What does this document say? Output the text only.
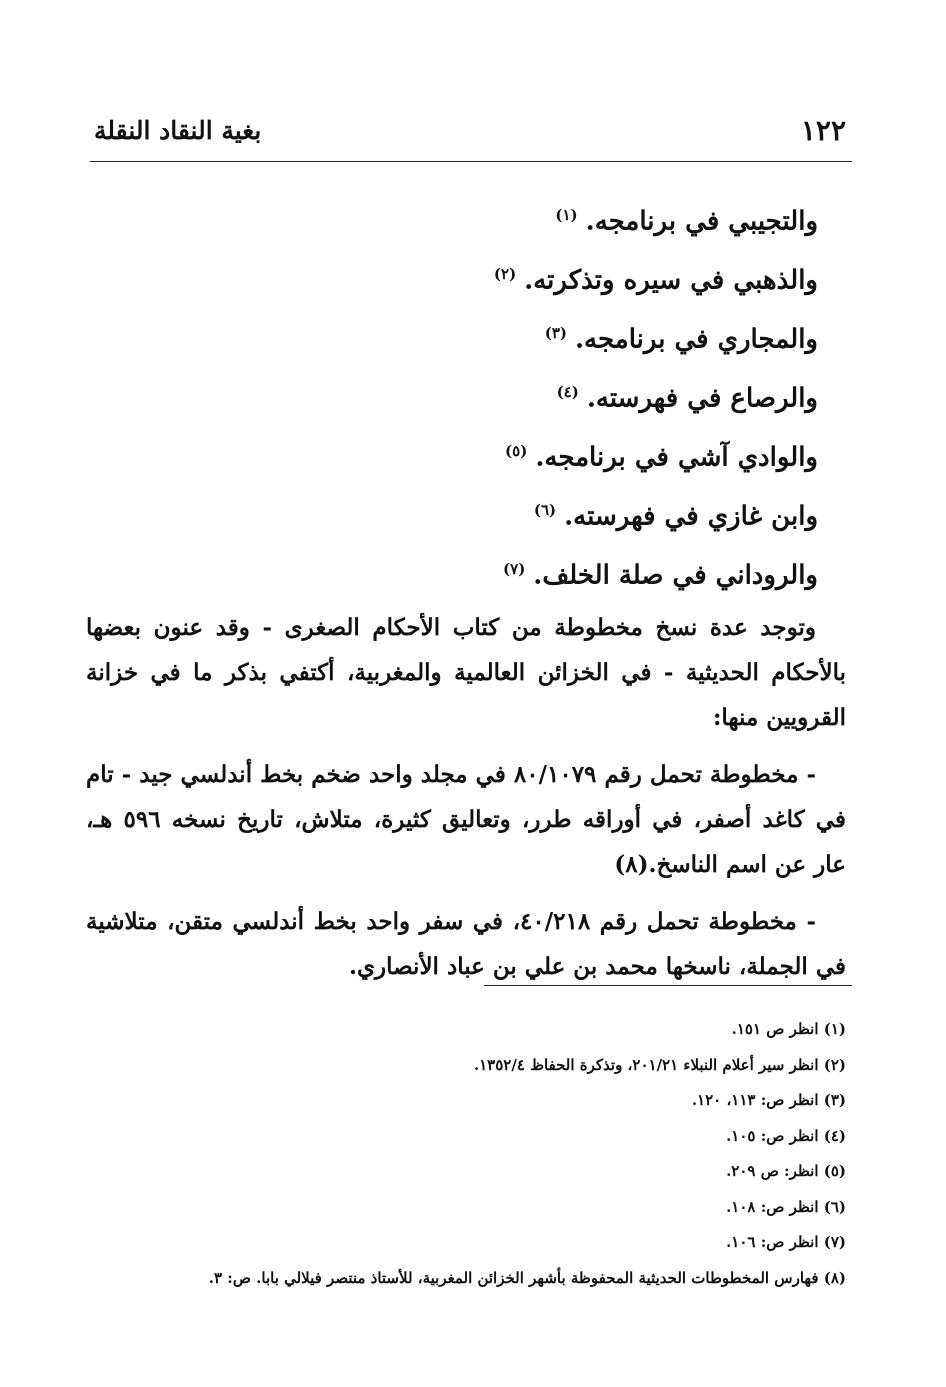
١٢٢
بغية النقاد النقلة
والتجيبي في برنامجه.$^{(١)}$
والذهبي في سيره وتذكرته.$^{(٢)}$
والمجاري في برنامجه.$^{(٣)}$
والرصاع في فهرسته.$^{(٤)}$
والوادي آشي في برنامجه.$^{(٥)}$
وابن غازي في فهرسته.$^{(٦)}$
والروداني في صلة الخلف.$^{(٧)}$

وتوجد عدة نسخ مخطوطة من كتاب الأحكام الصغرى - وقد عنون بعضها بالأحكام الحديثية - في الخزائن العالمية والمغربية، أكتفي بذكر ما في خزانة القرويين منها:

- مخطوطة تحمل رقم ٨٠/١٠٧٩ في مجلد واحد ضخم بخط أندلسي جيد - تام في كاغد أصفر، في أوراقه طرر، وتعاليق كثيرة، متلاش، تاريخ نسخه ٥٩٦ هـ، عار عن اسم الناسخ.(٨)

- مخطوطة تحمل رقم ٤٠/٢١٨، في سفر واحد بخط أندلسي متقن، متلاشية في الجملة، ناسخها محمد بن علي بن عباد الأنصاري.

(١) انظر ص ١٥١.
(٢) انظر سير أعلام النبلاء ٢٠١/٢١، وتذكرة الحفاظ ١٣٥٢/٤.
(٣) انظر ص: ١١٣، ١٢٠.
(٤) انظر ص: ١٠٥.
(٥) انظر: ص ٢٠٩.
(٦) انظر ص: ١٠٨.
(٧) انظر ص: ١٠٦.
(٨) فهارس المخطوطات الحديثية المحفوظة بأشهر الخزائن المغربية، للأستاذ منتصر فيلالي بابا. ص: ٣.
